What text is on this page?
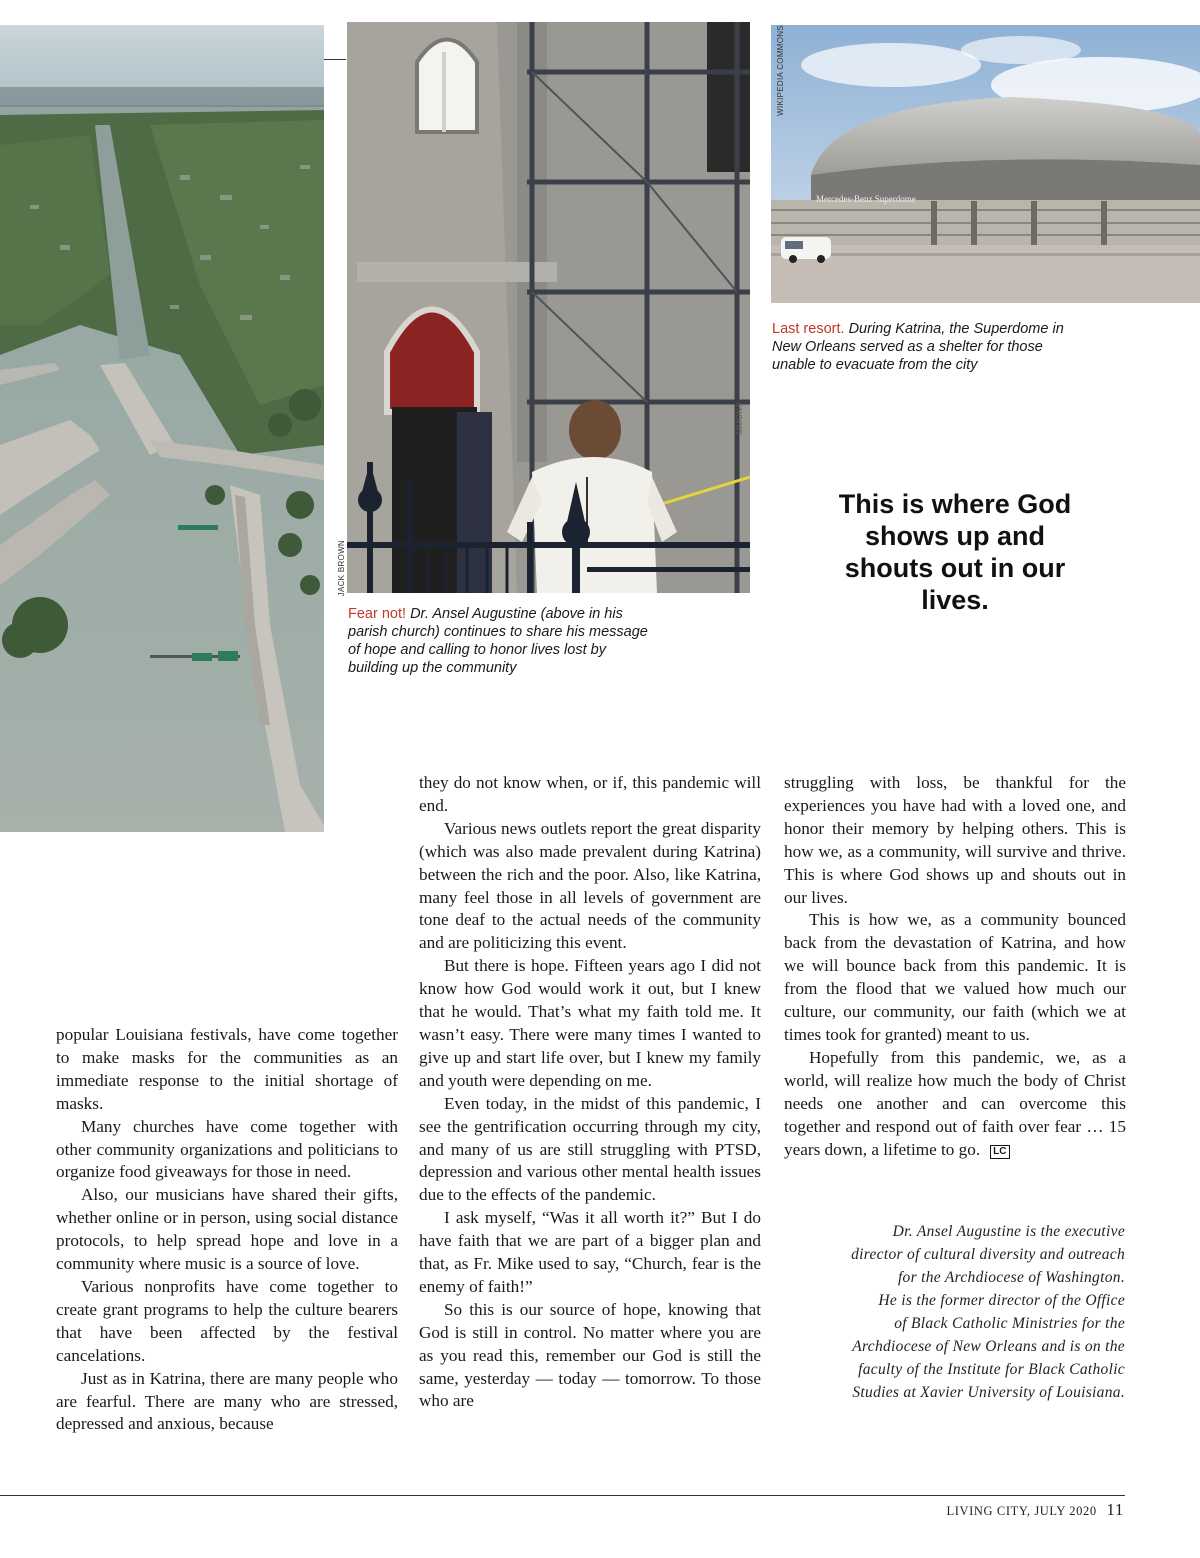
MMONS
JACK BROWN
Fear not! Dr. Ansel Augustine (above in his parish church) continues to share his message of hope and calling to honor lives lost by building up the community
Mercedes-Benz Superdome
WIKIPEDIA COMMONS
Last resort. During Katrina, the Superdome in New Orleans served as a shelter for those unable to evacuate from the city
This is where God shows up and shouts out in our lives.

popular Louisiana festivals, have come together to make masks for the communities as an immediate response to the initial shortage of masks.

Many churches have come together with other community organizations and politicians to organize food giveaways for those in need.

Also, our musicians have shared their gifts, whether online or in person, using social distance protocols, to help spread hope and love in a community where music is a source of love.

Various nonprofits have come together to create grant programs to help the culture bearers that have been affected by the festival cancelations.

Just as in Katrina, there are many people who are fearful. There are many who are stressed, depressed and anxious, because

they do not know when, or if, this pandemic will end.

Various news outlets report the great disparity (which was also made prevalent during Katrina) between the rich and the poor. Also, like Katrina, many feel those in all levels of government are tone deaf to the actual needs of the community and are politicizing this event.

But there is hope. Fifteen years ago I did not know how God would work it out, but I knew that he would. That’s what my faith told me. It wasn’t easy. There were many times I wanted to give up and start life over, but I knew my family and youth were depending on me.

Even today, in the midst of this pandemic, I see the gentrification occurring through my city, and many of us are still struggling with PTSD, depression and various other mental health issues due to the effects of the pandemic.

I ask myself, “Was it all worth it?” But I do have faith that we are part of a bigger plan and that, as Fr. Mike used to say, “Church, fear is the enemy of faith!”

So this is our source of hope, knowing that God is still in control. No matter where you are as you read this, remember our God is still the same, yesterday — today — tomorrow. To those who are

struggling with loss, be thankful for the experiences you have had with a loved one, and honor their memory by helping others. This is how we, as a community, will survive and thrive. This is where God shows up and shouts out in our lives.

This is how we, as a community bounced back from the devastation of Katrina, and how we will bounce back from this pandemic. It is from the flood that we valued how much our culture, our community, our faith (which we at times took for granted) meant to us.

Hopefully from this pandemic, we, as a world, will realize how much the body of Christ needs one another and can overcome this together and respond out of faith over fear … 15 years down, a lifetime to go. LC

Dr. Ansel Augustine is the executive
director of cultural diversity and outreach
for the Archdiocese of Washington.
He is the former director of the Office
of Black Catholic Ministries for the
Archdiocese of New Orleans and is on the
faculty of the Institute for Black Catholic
Studies at Xavier University of Louisiana.
LIVING CITY, JULY 2020 11
